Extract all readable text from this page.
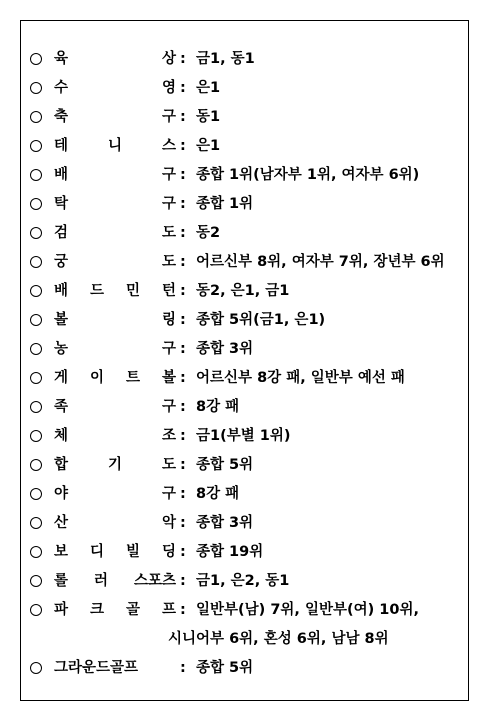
육	상 : 금1, 동1
수	영 : 은1
축	구 : 동1
테	니	스 : 은1
배	구 : 종합 1위(남자부 1위, 여자부 6위)
탁	구 : 종합 1위
검	도 : 동2
궁	도 : 어르신부 8위, 여자부 7위, 장년부 6위
배 드 민 턴 : 동2, 은1, 금1
볼	링 : 종합 5위(금1, 은1)
농	구 : 종합 3위
게 이 트 볼 : 어르신부 8강 패, 일반부 예선 패
족	구 : 8강 패
체	조 : 금1(부별 1위)
합	기	도 : 종합 5위
야	구 : 8강 패
산	악 : 종합 3위
보 디 빌 딩 : 종합 19위
롤 러 스포츠 : 금1, 은2, 동1
파 크 골 프 : 일반부(남) 7위, 일반부(여) 10위,
시니어부 6위, 혼성 6위, 남남 8위
그라운드골프	: 종합 5위
